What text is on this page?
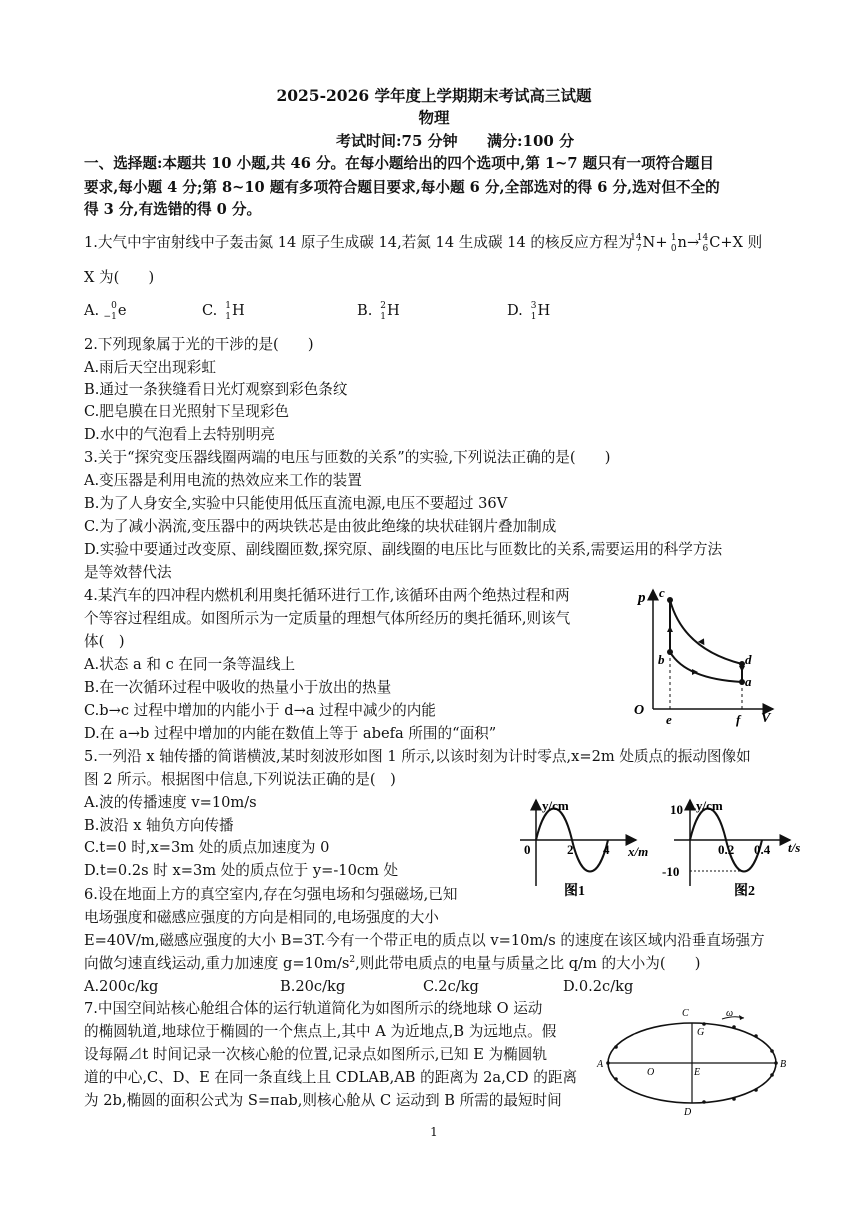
2025-2026 学年度上学期期末考试高三试题
物理
考试时间:75 分钟 满分:100 分
一、选择题:本题共 10 小题,共 46 分。在每小题给出的四个选项中,第 1~7 题只有一项符合题目
要求,每小题 4 分;第 8~10 题有多项符合题目要求,每小题 6 分,全部选对的得 6 分,选对但不全的
得 3 分,有选错的得 0 分。
1.大气中宇宙射线中子轰击氮 14 原子生成碳 14,若氮 14 生成碳 14 的核反应方程为
14
7 N+ 1
0 n→
14
6 C+X 则
X 为(　　)
A. 0
−1 e	C. 1
1 H	B. 2
1 H	D. 3
1 H
2.下列现象属于光的干涉的是(　　)
A.雨后天空出现彩虹
B.通过一条狭缝看日光灯观察到彩色条纹
C.肥皂膜在日光照射下呈现彩色
D.水中的气泡看上去特别明亮
3.关于“探究变压器线圈两端的电压与匝数的关系”的实验,下列说法正确的是(　　)
A.变压器是利用电流的热效应来工作的装置
B.为了人身安全,实验中只能使用低压直流电源,电压不要超过 36V
C.为了减小涡流,变压器中的两块铁芯是由彼此绝缘的块状硅钢片叠加制成
D.实验中要通过改变原、副线圈匝数,探究原、副线圈的电压比与匝数比的关系,需要运用的科学方法
是等效替代法
4.某汽车的四冲程内燃机利用奥托循环进行工作,该循环由两个绝热过程和两
个等容过程组成。如图所示为一定质量的理想气体所经历的奥托循环,则该气
体(　)
A.状态 a 和 c 在同一条等温线上
B.在一次循环过程中吸收的热量小于放出的热量
C.b→c 过程中增加的内能小于 d→a 过程中减少的内能
D.在 a→b 过程中增加的内能在数值上等于 abefa 所围的“面积”
p
V
O
c
b	d
a
e	f
5.一列沿 x 轴传播的简谐横波,某时刻波形如图 1 所示,以该时刻为计时零点,x=2m 处质点的振动图像如
图 2 所示。根据图中信息,下列说法正确的是(　)
A.波的传播速度 v=10m/s
B.波沿 x 轴负方向传播
C.t=0 时,x=3m 处的质点加速度为 0
D.t=0.2s 时 x=3m 处的质点位于 y=-10cm 处
y/cm
x/m
0	2 4
图1
y/cm
t/s
10
-10
0.2 0.4
图2
6.设在地面上方的真空室内,存在匀强电场和匀强磁场,已知
电场强度和磁感应强度的方向是相同的,电场强度的大小
E=40V/m,磁感应强度的大小 B=3T.今有一个带正电的质点以 v=10m/s 的速度在该区域内沿垂直场强方
向做匀速直线运动,重力加速度 $g=10m/s^2$,则此带电质点的电量与质量之比 q/m 的大小为(　　)
A.200c/kg	B.20c/kg	C.2c/kg	D.0.2c/kg
7.中国空间站核心舱组合体的运行轨道简化为如图所示的绕地球 O 运动
的椭圆轨道,地球位于椭圆的一个焦点上,其中 A 为近地点,B 为远地点。假
设每隔⊿t 时间记录一次核心舱的位置,记录点如图所示,已知 E 为椭圆轨
道的中心,C、D、E 在同一条直线上且 CDLAB,AB 的距离为 2a,CD 的距离
为 2b,椭圆的面积公式为 S=πab,则核心舱从 C 运动到 B 所需的最短时间
A	B
C
D
E
O
G
ω
1
